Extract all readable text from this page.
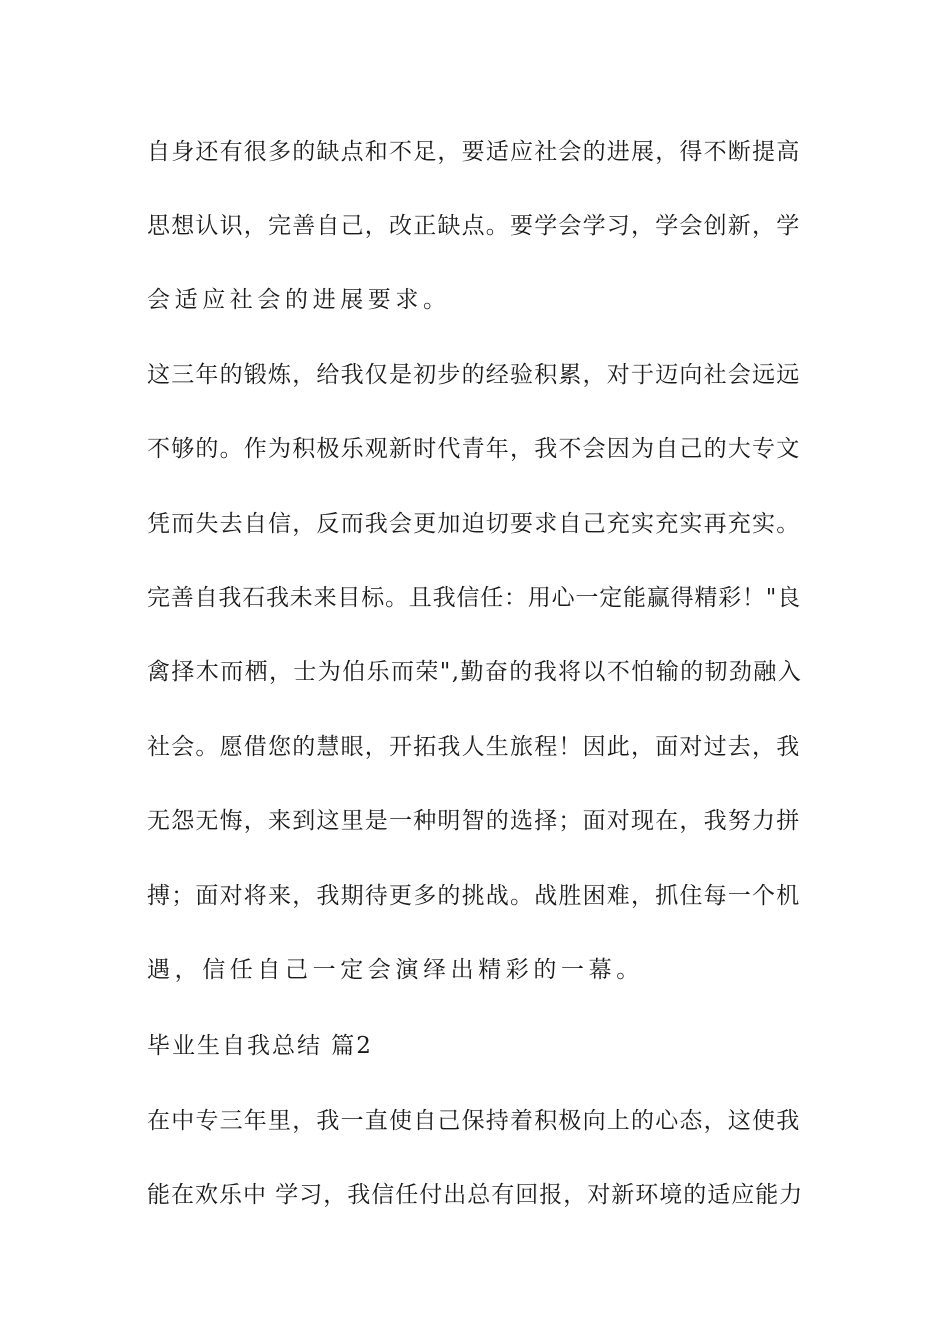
自身还有很多的缺点和不足，要适应社会的进展，得不断提高
思想认识，完善自己，改正缺点。要学会学习，学会创新，学
会适应社会的进展要求。
这三年的锻炼，给我仅是初步的经验积累，对于迈向社会远远
不够的。作为积极乐观新时代青年，我不会因为自己的大专文
凭而失去自信，反而我会更加迫切要求自己充实充实再充实。
完善自我石我未来目标。且我信任：用心一定能赢得精彩！"良
禽择木而栖，士为伯乐而荣",勤奋的我将以不怕输的韧劲融入
社会。愿借您的慧眼，开拓我人生旅程！因此，面对过去，我
无怨无悔，来到这里是一种明智的选择；面对现在，我努力拼
搏；面对将来，我期待更多的挑战。战胜困难，抓住每一个机
遇，信任自己一定会演绎出精彩的一幕。
毕业生自我总结 篇2
在中专三年里，我一直使自己保持着积极向上的心态，这使我
能在欢乐中 学习，我信任付出总有回报，对新环境的适应能力
